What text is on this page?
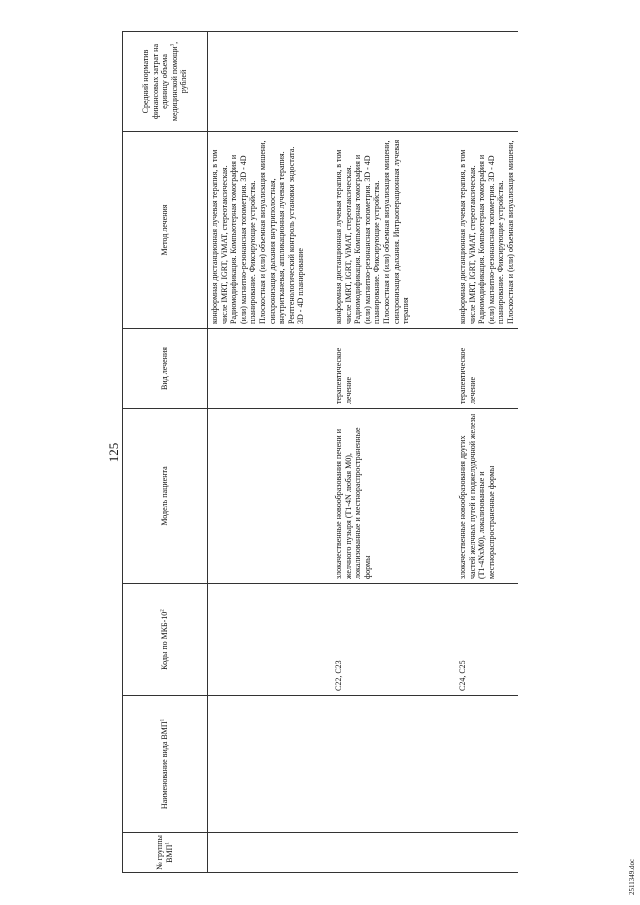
125
№ группы ВМП$^1$	Наименование вида ВМП$^1$	Коды по МКБ-$10^2$	Модель пациента	Вид лечения	Метод лечения	Средний норматив финансовых затрат на единицу объема медицинской помощи$^3$, рублей
					конформная дистанционная лучевая терапия, в том числе IMRT, IGRT, ViMAT, стереотаксическая. Радиомодификация. Компьютерная томография и (или) магнитно-резонансная топометрия. 3D - 4D планирование. Фиксирующие устройства. Плоскостная и (или) объемная визуализация мишени, синхронизация дыхания внутриполостная, внутритканевая, аппликационная лучевая терапия. Рентгенологический контроль установки эндостата. 3D - 4D планирование	
		C22, C23	злокачественные новообразования печени и желчного пузыря (T1-4N любая M0), локализованные и местнораспространенные формы	терапевтическое лечение	конформная дистанционная лучевая терапия, в том числе IMRT, IGRT, ViMAT, стереотаксическая. Радиомодификация. Компьютерная томография и (или) магнитно-резонансная топометрия. 3D - 4D планирование. Фиксирующие устройства. Плоскостная и (или) объемная визуализация мишени, синхронизация дыхания. Интраоперационная лучевая терапия	
		C24, C25	злокачественные новообразования других частей желчных путей и поджелудочной железы (T1-4NxM0), локализованные и местнораспространенные формы	терапевтическое лечение	конформная дистанционная лучевая терапия, в том числе IMRT, IGRT, ViMAT, стереотаксическая. Радиомодификация. Компьютерная томография и (или) магнитно-резонансная топометрия. 3D - 4D планирование. Фиксирующие устройства. Плоскостная и (или) объемная визуализация мишени,	
2511349.doc
